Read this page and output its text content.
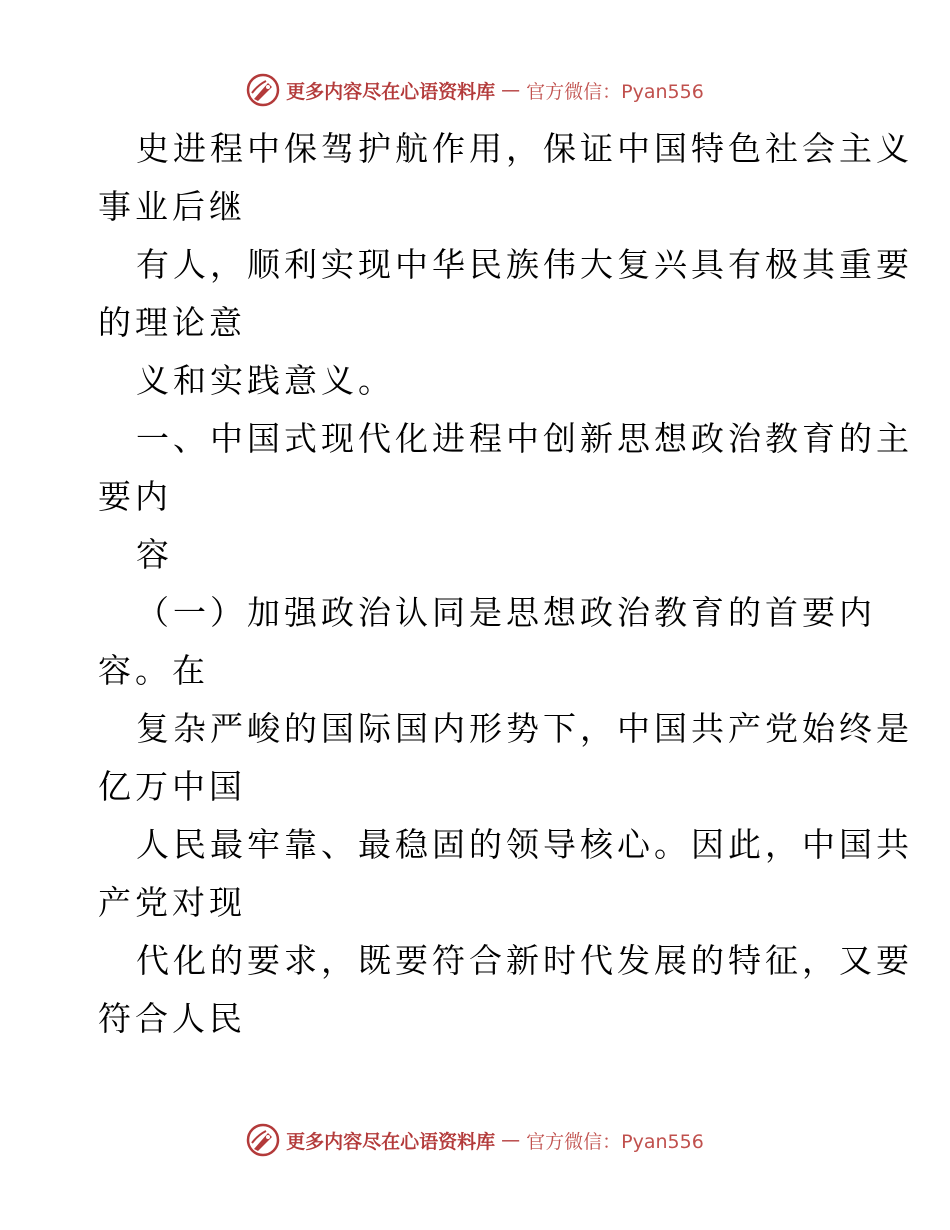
更多内容尽在心语资料库 — 官方微信：Pyan556
史进程中保驾护航作用，保证中国特色社会主义
事业后继
有人，顺利实现中华民族伟大复兴具有极其重要
的理论意
义和实践意义。
一、中国式现代化进程中创新思想政治教育的主
要内
容
（一）加强政治认同是思想政治教育的首要内
容。在
复杂严峻的国际国内形势下，中国共产党始终是
亿万中国
人民最牢靠、最稳固的领导核心。因此，中国共
产党对现
代化的要求，既要符合新时代发展的特征，又要
符合人民
更多内容尽在心语资料库 — 官方微信：Pyan556
